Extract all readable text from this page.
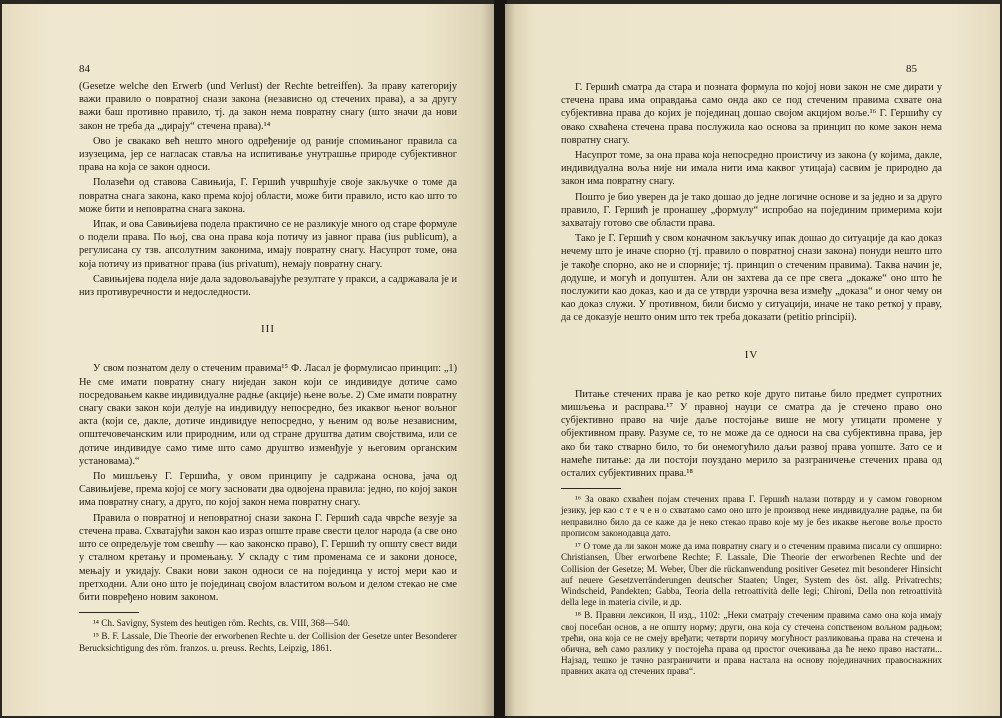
84

(Gesetze welche den Erwerb (und Verlust) der Rechte betreiffen). За праву категорију важи правило о повратној снази закона (независно од стечених права), а за другу важи баш противно правило, тј. да закон нема повратну снагу (што значи да нови закон не треба да „дирају“ стечена права).¹⁴

Ово је свакако већ нешто много одређеније од раније спомињаног правила са изузецима, јер се нагласак ставља на испитивање унутрашње природе субјективног права на која се закон односи.

Полазећи од ставова Савињија, Г. Гершић учвршћује своје закључке о томе да повратна снага закона, како према којој области, може бити правило, исто као што то може бити и неповратна снага закона.

Ипак, и ова Савињијева подела практично се не разликује много од старе формуле о подели права. По њој, сва она права која потичу из јавног права (ius publicum), а регулисана су тзв. апсолутним законима, имају повратну снагу. Насупрот томе, она која потичу из приватног права (ius privatum), немају повратну снагу.

Савињијева подела није дала задовољавајуће резултате у пракси, а садржавала је и низ противуречности и недоследности.

III

У свом познатом делу о стеченим правима¹⁵ Ф. Ласал је формулисао принцип: „1) Не сме имати повратну снагу ниједан закон који се индивидуе дотиче само посредовањем какве индивидуалне радње (акције) њене воље. 2) Сме имати повратну снагу сваки закон који делује на индивидуу непосредно, без икаквог њеног вољног акта (који се, дакле, дотиче индивидуе непосредно, у њеним од воље независним, општечовечанским или природним, или од стране друштва датим својствима, или се дотиче индивидуе само тиме што само друштво изменђује у његовим органским установама).“

По мишљењу Г. Гершића, у овом принципу је садржана основа, јача од Савињијеве, према којој се могу засновати два одвојена правила: једно, по којој закон има повратну снагу, а друго, по којој закон нема повратну снагу.

Правила о повратној и неповратној снази закона Г. Гершић сада чврсће везује за стечена права. Схватајући закон као израз опште праве свести целог народа (а све оно што се опредељује том свешћу — као законско право), Г. Гершић ту општу свест види у сталном кретању и промењању. У складу с тим променама се и закони доносе, мењају и укидају. Сваки нови закон односи се на појединца у истој мери као и претходни. Али оно што је појединац својом властитом вољом и делом стекао не сме бити повређено новим законом.

¹⁴ Ch. Savigny, System des heutigen röm. Rechts, св. VIII, 368—540.

¹⁵ B. F. Lassale, Die Theorie der erworbenen Rechte u. der Collision der Gesetze unter Besonderer Berucksichtigung des röm. franzos. u. preuss. Rechts, Leipzig, 1861.

85

Г. Гершић сматра да стара и позната формула по којој нови закон не сме дирати у стечена права има оправдања само онда ако се под стеченим правима схвате она субјективна права до којих је појединац дошао својом акцијом воље.¹⁶ Г. Гершићу су овако схваћена стечена права послужила као основа за принцип по коме закон нема повратну снагу.

Насупрот томе, за она права која непосредно проистичу из закона (у којима, дакле, индивидуална воља није ни имала нити има каквог утицаја) сасвим је природно да закон има повратну снагу.

Пошто је био уверен да је тако дошао до једне логичне основе и за једно и за друго правило, Г. Гершић је пронашеу „формулу“ испробао на појединим примерима који захватају готово све области права.

Тако је Г. Гершић у свом коначном закључку ипак дошао до ситуације да као доказ нечему што је иначе спорно (тј. правило о повратној снази закона) понуди нешто што је такође спорно, ако не и спорније; тј. принцип о стеченим правима). Таква начин је, додуше, и могућ и допуштен. Али он захтева да се пре свега „докаже“ оно што ће послужити као доказ, као и да се утврди узрочна веза између „доказа“ и оног чему он као доказ служи. У противном, били бисмо у ситуацији, иначе не тако реткој у праву, да се доказује нешто оним што тек треба доказати (petitio principii).

IV

Питање стечених права је као ретко које друго питање било предмет супротних мишљења и расправа.¹⁷ У правној науци се сматра да је стечено право оно субјективно право на чије даље постојање више не могу утицати промене у објективном праву. Разуме се, то не може да се односи на сва субјективна права, јер ако би тако стварно било, то би онемогућило даљи развој права уопште. Зато се и намеће питање: да ли постоји поуздано мерило за разграничење стечених права од осталих субјективних права.¹⁸

¹⁶ За овако схваћен појам стечених права Г. Гершић налази потврду и у самом говорном језику, јер као с т е ч е н о схватамо само оно што је производ неке индивидуалне радње, па би неправилно било да се каже да је неко стекао право које му је без икакве његове воље просто прописом законодавца дато.

¹⁷ О томе да ли закон може да има повратну снагу и о стеченим правима писали су опширно: Christiansen, Über erworbene Rechte; F. Lassale, Die Theorie der erworbenen Rechte und der Collision der Gesetze; M. Weber, Über die rückanwendung positiver Gesetez mit besonderer Hinsicht auf neuere Gesetzverränderungen deutscher Staaten; Unger, System des öst. allg. Privatrechts; Windscheid, Pandekten; Gabba, Teoria della retroattività delle legi; Chironi, Della non retroattività della lege in materia civile, и др.

¹⁸ В. Правни лексикон, II изд., 1102: „Неки сматрају стеченим правима само она која имају свој посебан основ, а не општу норму; други, она која су стечена сопственом вољном радњом; трећи, она која се не смеју вређати; четврти поричу могућност разликовања права на стечена и обична, већ само разлику у постојећа права од простог очекивања да ће неко право настати... Најзад, тешко је тачно разграничити и права настала на основу појединачних правоснажних правних аката од стечених права“.
